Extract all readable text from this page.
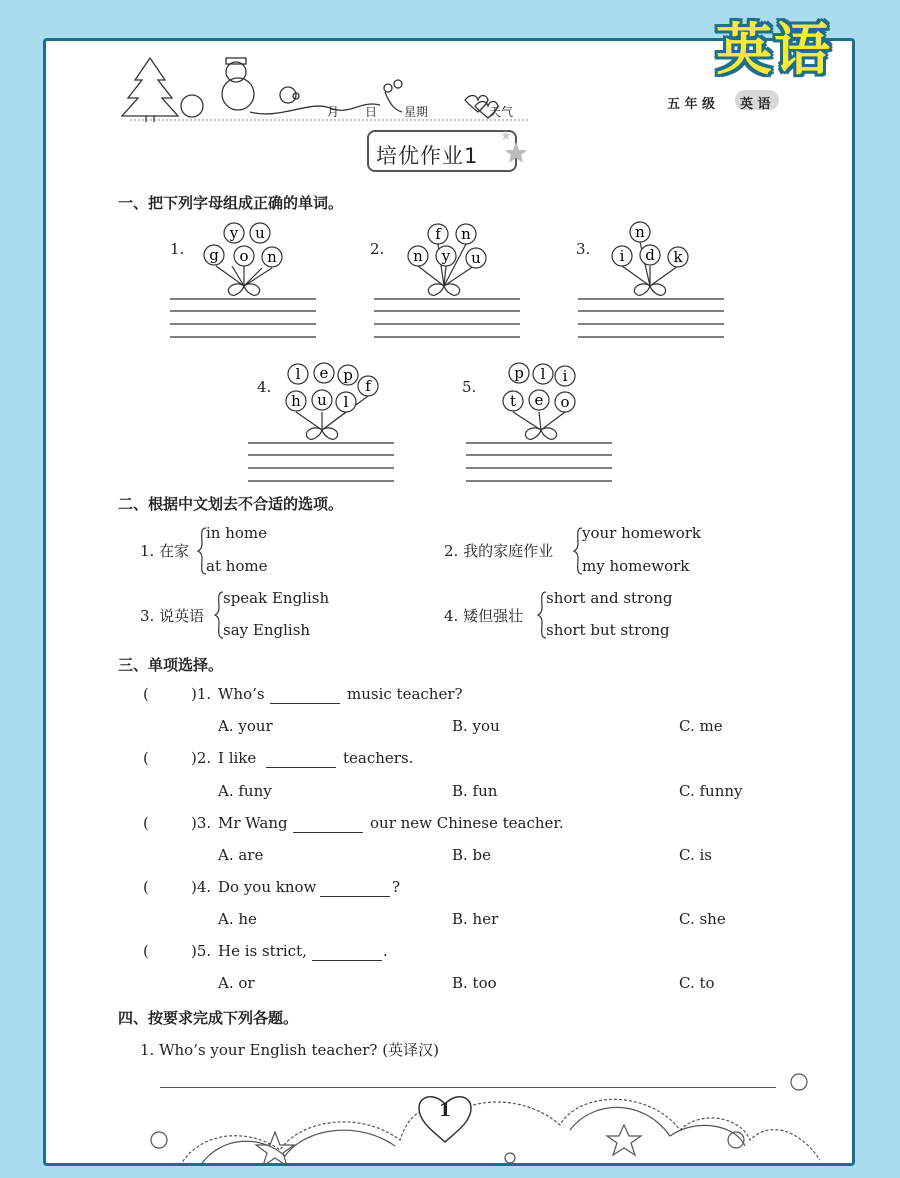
英语
月 日 星期	天气	五 年 级 英 语
培优作业1
一、把下列字母组成正确的单词。
1.
y u
g o n	2.
f n
n y u	3.
n
i d k
4.
l e p
f
h u l
5.
p l i
t e o
二、根据中文划去不合适的选项。
1. 在家
in home
at home
2. 我的家庭作业
your homework
my homework
3. 说英语
speak English
say English
4. 矮但强壮
short and strong
short but strong
三、单项选择。
(	)1. Who’s	music teacher?
A. your	B. you	C. me
(	)2. I like	teachers.
A. funy	B. fun	C. funny
(	)3. Mr Wang	our new Chinese teacher.
A. are	B. be	C. is
(	)4. Do you know	?
A. he	B. her	C. she
(	)5. He is strict,	.
A. or	B. too	C. to
四、按要求完成下列各题。
1. Who’s your English teacher? (英译汉)
1
